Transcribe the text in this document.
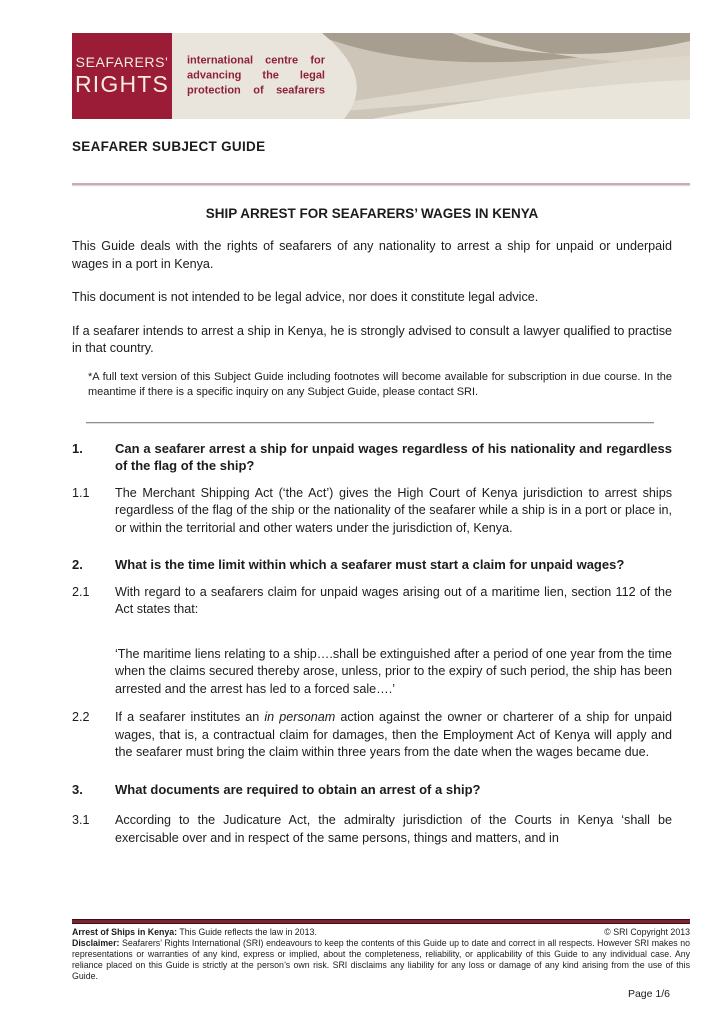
SEAFARERS'
RIGHTS
international centre for
advancing the legal
protection of seafarers
SEAFARER SUBJECT GUIDE
SHIP ARREST FOR SEAFARERS’ WAGES IN KENYA

This Guide deals with the rights of seafarers of any nationality to arrest a ship for unpaid or underpaid wages in a port in Kenya.

This document is not intended to be legal advice, nor does it constitute legal advice.

If a seafarer intends to arrest a ship in Kenya, he is strongly advised to consult a lawyer qualified to practise in that country.

*A full text version of this Subject Guide including footnotes will become available for subscription in due course. In the meantime if there is a specific inquiry on any Subject Guide, please contact SRI.
1.	Can a seafarer arrest a ship for unpaid wages regardless of his nationality and regardless of the flag of the ship?
1.1	The Merchant Shipping Act (‘the Act’) gives the High Court of Kenya jurisdiction to arrest ships regardless of the flag of the ship or the nationality of the seafarer while a ship is in a port or place in, or within the territorial and other waters under the jurisdiction of, Kenya.
2.	What is the time limit within which a seafarer must start a claim for unpaid wages?
2.1	With regard to a seafarers claim for unpaid wages arising out of a maritime lien, section 112 of the Act states that:
‘The maritime liens relating to a ship….shall be extinguished after a period of one year from the time when the claims secured thereby arose, unless, prior to the expiry of such period, the ship has been arrested and the arrest has led to a forced sale….’
2.2	If a seafarer institutes an in personam action against the owner or charterer of a ship for unpaid wages, that is, a contractual claim for damages, then the Employment Act of Kenya will apply and the seafarer must bring the claim within three years from the date when the wages became due.
3.	What documents are required to obtain an arrest of a ship?
3.1	According to the Judicature Act, the admiralty jurisdiction of the Courts in Kenya ‘shall be exercisable over and in respect of the same persons, things and matters, and in
Arrest of Ships in Kenya: This Guide reflects the law in 2013.	© SRI Copyright 2013
Disclaimer: Seafarers’ Rights International (SRI) endeavours to keep the contents of this Guide up to date and correct in all respects. However SRI makes no representations or warranties of any kind, express or implied, about the completeness, reliability, or applicability of this Guide to any individual case. Any reliance placed on this Guide is strictly at the person’s own risk. SRI disclaims any liability for any loss or damage of any kind arising from the use of this Guide.
Page 1/6
